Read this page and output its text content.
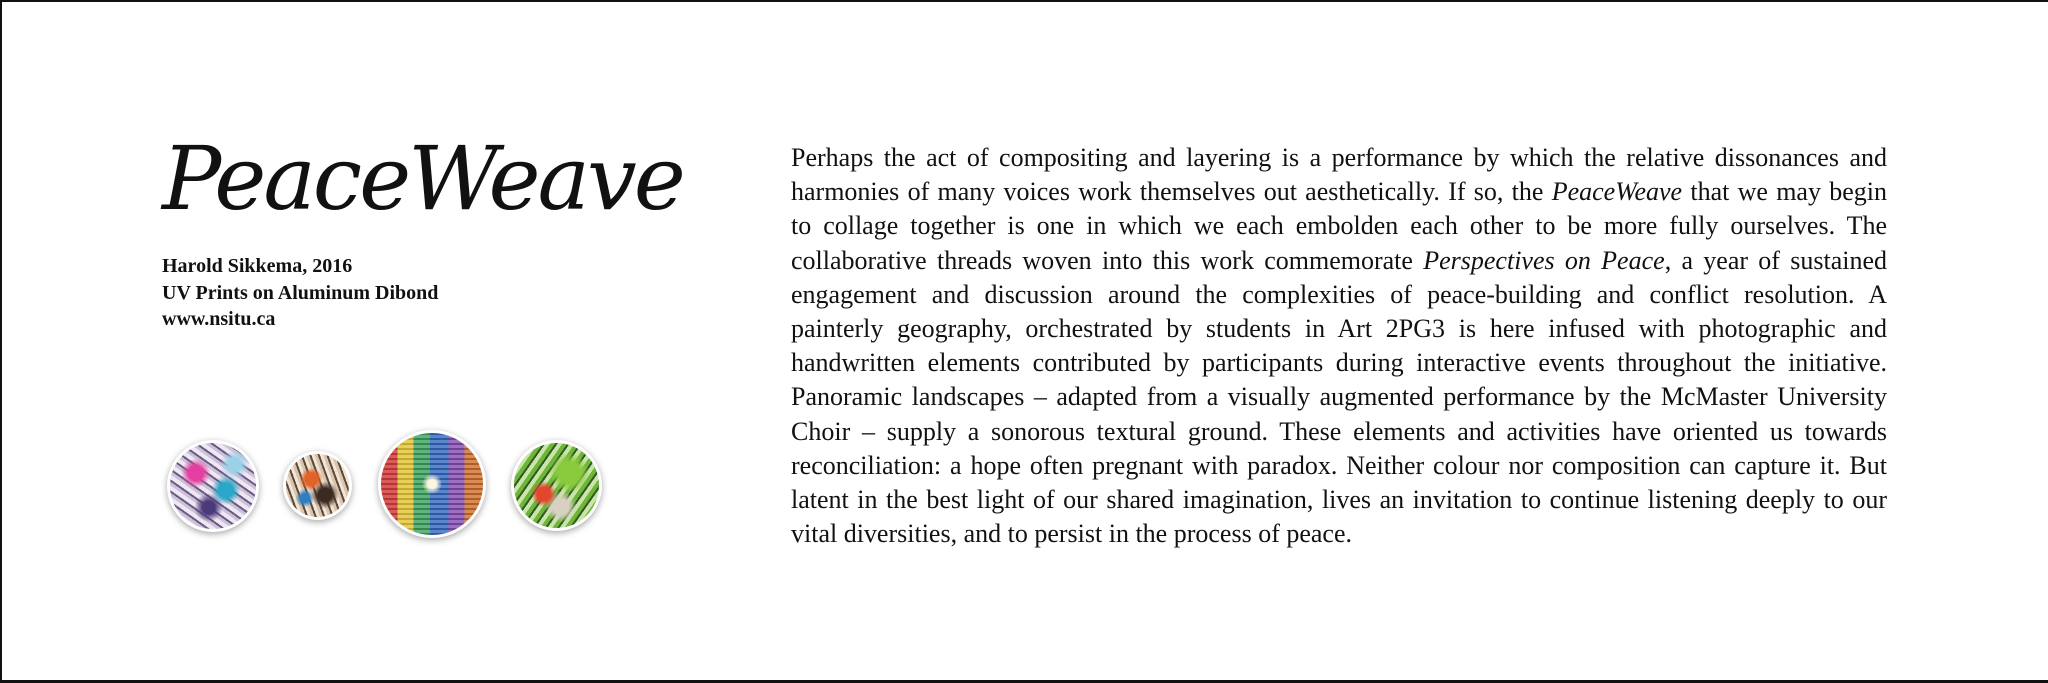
PeaceWeave
Harold Sikkema, 2016
UV Prints on Aluminum Dibond
www.nsitu.ca

Perhaps the act of compositing and layering is a performance by which the relative dissonances and harmonies of many voices work themselves out aesthetically. If so, the PeaceWeave that we may begin to collage together is one in which we each embolden each other to be more fully ourselves. The collaborative threads woven into this work commemorate Perspectives on Peace, a year of sustained engagement and discussion around the complexities of peace-building and conflict resolution. A painterly geography, orchestrated by students in Art 2PG3 is here infused with photographic and handwritten elements contributed by participants during interactive events throughout the initiative. Panoramic landscapes – adapted from a visually augmented performance by the McMaster University Choir – supply a sonorous textural ground. These elements and activities have oriented us towards reconciliation: a hope often pregnant with paradox. Neither colour nor composition can capture it. But latent in the best light of our shared imagination, lives an invitation to continue listening deeply to our vital diversities, and to persist in the process of peace.
